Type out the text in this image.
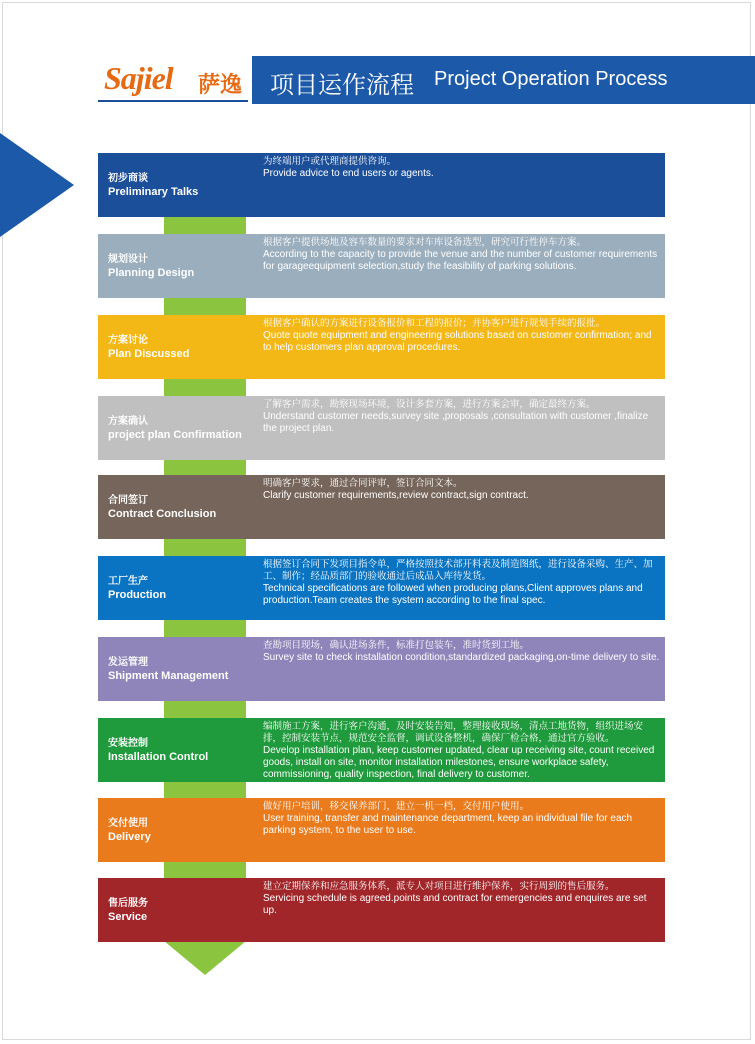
Sajiel 萨逸 项目运作流程 Project Operation Process
初步商谈
Preliminary Talks
为终端用户或代理商提供咨询。
Provide advice to end users or agents.
规划设计
Planning Design
根据客户提供场地及容车数量的要求对车库设备选型，研究可行性停车方案。
According to the capacity to provide the venue and the number of customer requirements for garageequipment selection,study the feasibility of parking solutions.
方案讨论
Plan Discussed
根据客户确认的方案进行设备报价和工程的报价；并协客户进行规划手续的报批。
Quote quote equipment and engineering solutions based on customer confirmation; and to help customers plan approval procedures.
方案确认
project plan Confirmation
了解客户需求，勘察现场环境，设计多套方案，进行方案会审，确定最终方案。
Understand customer needs,survey site ,proposals ,consultation with customer ,finalize the project plan.
合同签订
Contract Conclusion
明确客户要求，通过合同评审，签订合同文本。
Clarify customer requirements,review contract,sign contract.
工厂生产
Production
根据签订合同下发项目指令单，严格按照技术部开料表及制造图纸，进行设备采购、生产、加工、制作；经品质部门的验收通过后成品入库待发货。
Technical specifications are followed when producing plans,Client approves plans and production.Team creates the system according to the final spec.
发运管理
Shipment Management
查勘项目现场，确认进场条件，标准打包装车，准时货到工地。
Survey site to check installation condition,standardized packaging,on-time delivery to site.
安装控制
Installation Control
编制施工方案，进行客户沟通，及时安装告知，整理接收现场，清点工地货物，组织进场安排，控制安装节点，规范安全监督，调试设备整机，确保厂检合格，通过官方验收。
Develop installation plan, keep customer updated, clear up receiving site, count received goods, install on site, monitor installation milestones, ensure workplace safety, commissioning, quality inspection, final delivery to customer.
交付使用
Delivery
做好用户培训，移交保养部门，建立一机一档，交付用户使用。
User training, transfer and maintenance department, keep an individual file for each parking system, to the user to use.
售后服务
Service
建立定期保养和应急服务体系，派专人对项目进行维护保养，实行周到的售后服务。
Servicing schedule is agreed.points and contract for emergencies and enquires are set up.
